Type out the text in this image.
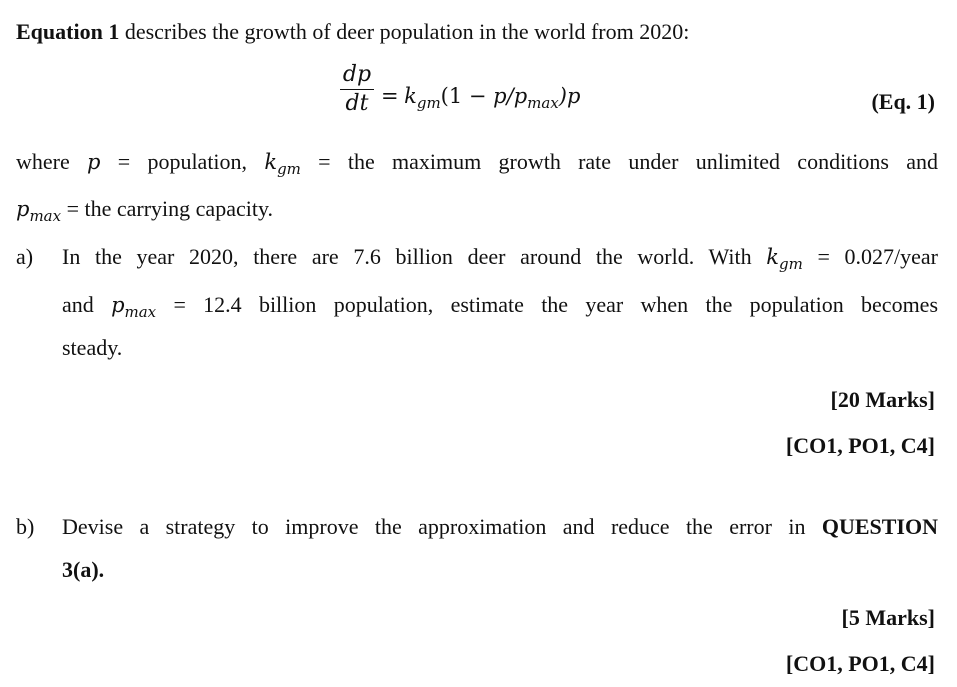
Equation 1 describes the growth of deer population in the world from 2020:
dp
dt = $k_{gm}(1 - p/p_{max})p$	(Eq. 1)
where p = population, $k_{gm}$ = the maximum growth rate under unlimited conditions and
$p_{max}$ = the carrying capacity.
a) In the year 2020, there are 7.6 billion deer around the world. With $k_{gm}$ = 0.027/year
and $p_{max} = 12.4$ billion population, estimate the year when the population becomes
steady.
[20 Marks]
[CO1, PO1, C4]
b) Devise a strategy to improve the approximation and reduce the error in QUESTION
3(a).
[5 Marks]
[CO1, PO1, C4]
